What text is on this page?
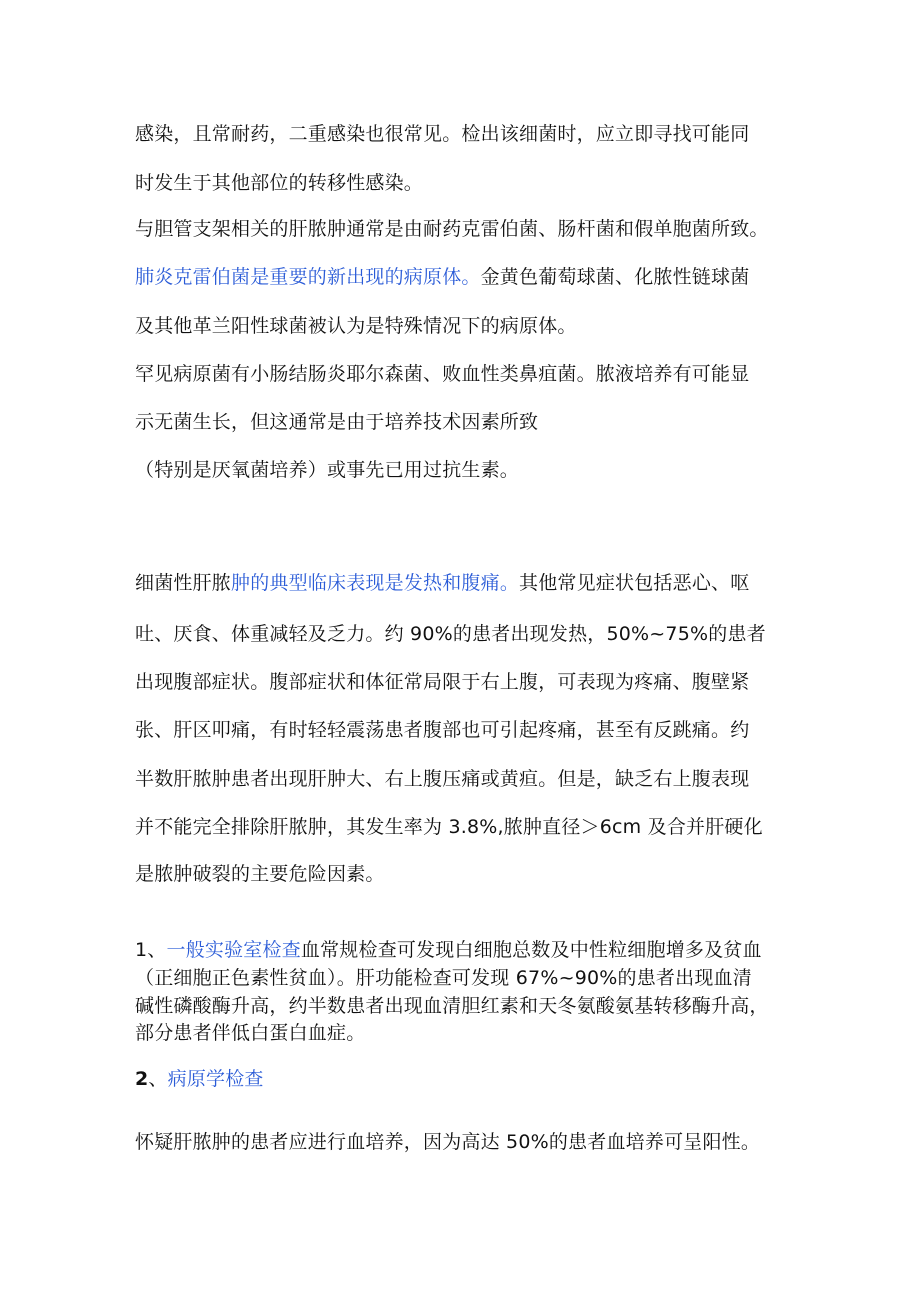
感染，且常耐药，二重感染也很常见。检出该细菌时，应立即寻找可能同
时发生于其他部位的转移性感染。
与胆管支架相关的肝脓肿通常是由耐药克雷伯菌、肠杆菌和假单胞菌所致。
肺炎克雷伯菌是重要的新出现的病原体。金黄色葡萄球菌、化脓性链球菌
及其他革兰阳性球菌被认为是特殊情况下的病原体。
罕见病原菌有小肠结肠炎耶尔森菌、败血性类鼻疽菌。脓液培养有可能显
示无菌生长，但这通常是由于培养技术因素所致
（特别是厌氧菌培养）或事先已用过抗生素。
细菌性肝脓肿的典型临床表现是发热和腹痛。其他常见症状包括恶心、呕
吐、厌食、体重减轻及乏力。约 90%的患者出现发热，50%~75%的患者
出现腹部症状。腹部症状和体征常局限于右上腹，可表现为疼痛、腹壁紧
张、肝区叩痛，有时轻轻震荡患者腹部也可引起疼痛，甚至有反跳痛。约
半数肝脓肿患者出现肝肿大、右上腹压痛或黄疸。但是，缺乏右上腹表现
并不能完全排除肝脓肿，其发生率为 3.8%,脓肿直径＞6cm 及合并肝硬化
是脓肿破裂的主要危险因素。
1、一般实验室检查血常规检查可发现白细胞总数及中性粒细胞增多及贫血
（正细胞正色素性贫血）。肝功能检查可发现 67%~90%的患者出现血清
碱性磷酸酶升高，约半数患者出现血清胆红素和天冬氨酸氨基转移酶升高，
部分患者伴低白蛋白血症。
2、病原学检查
怀疑肝脓肿的患者应进行血培养，因为高达 50%的患者血培养可呈阳性。
